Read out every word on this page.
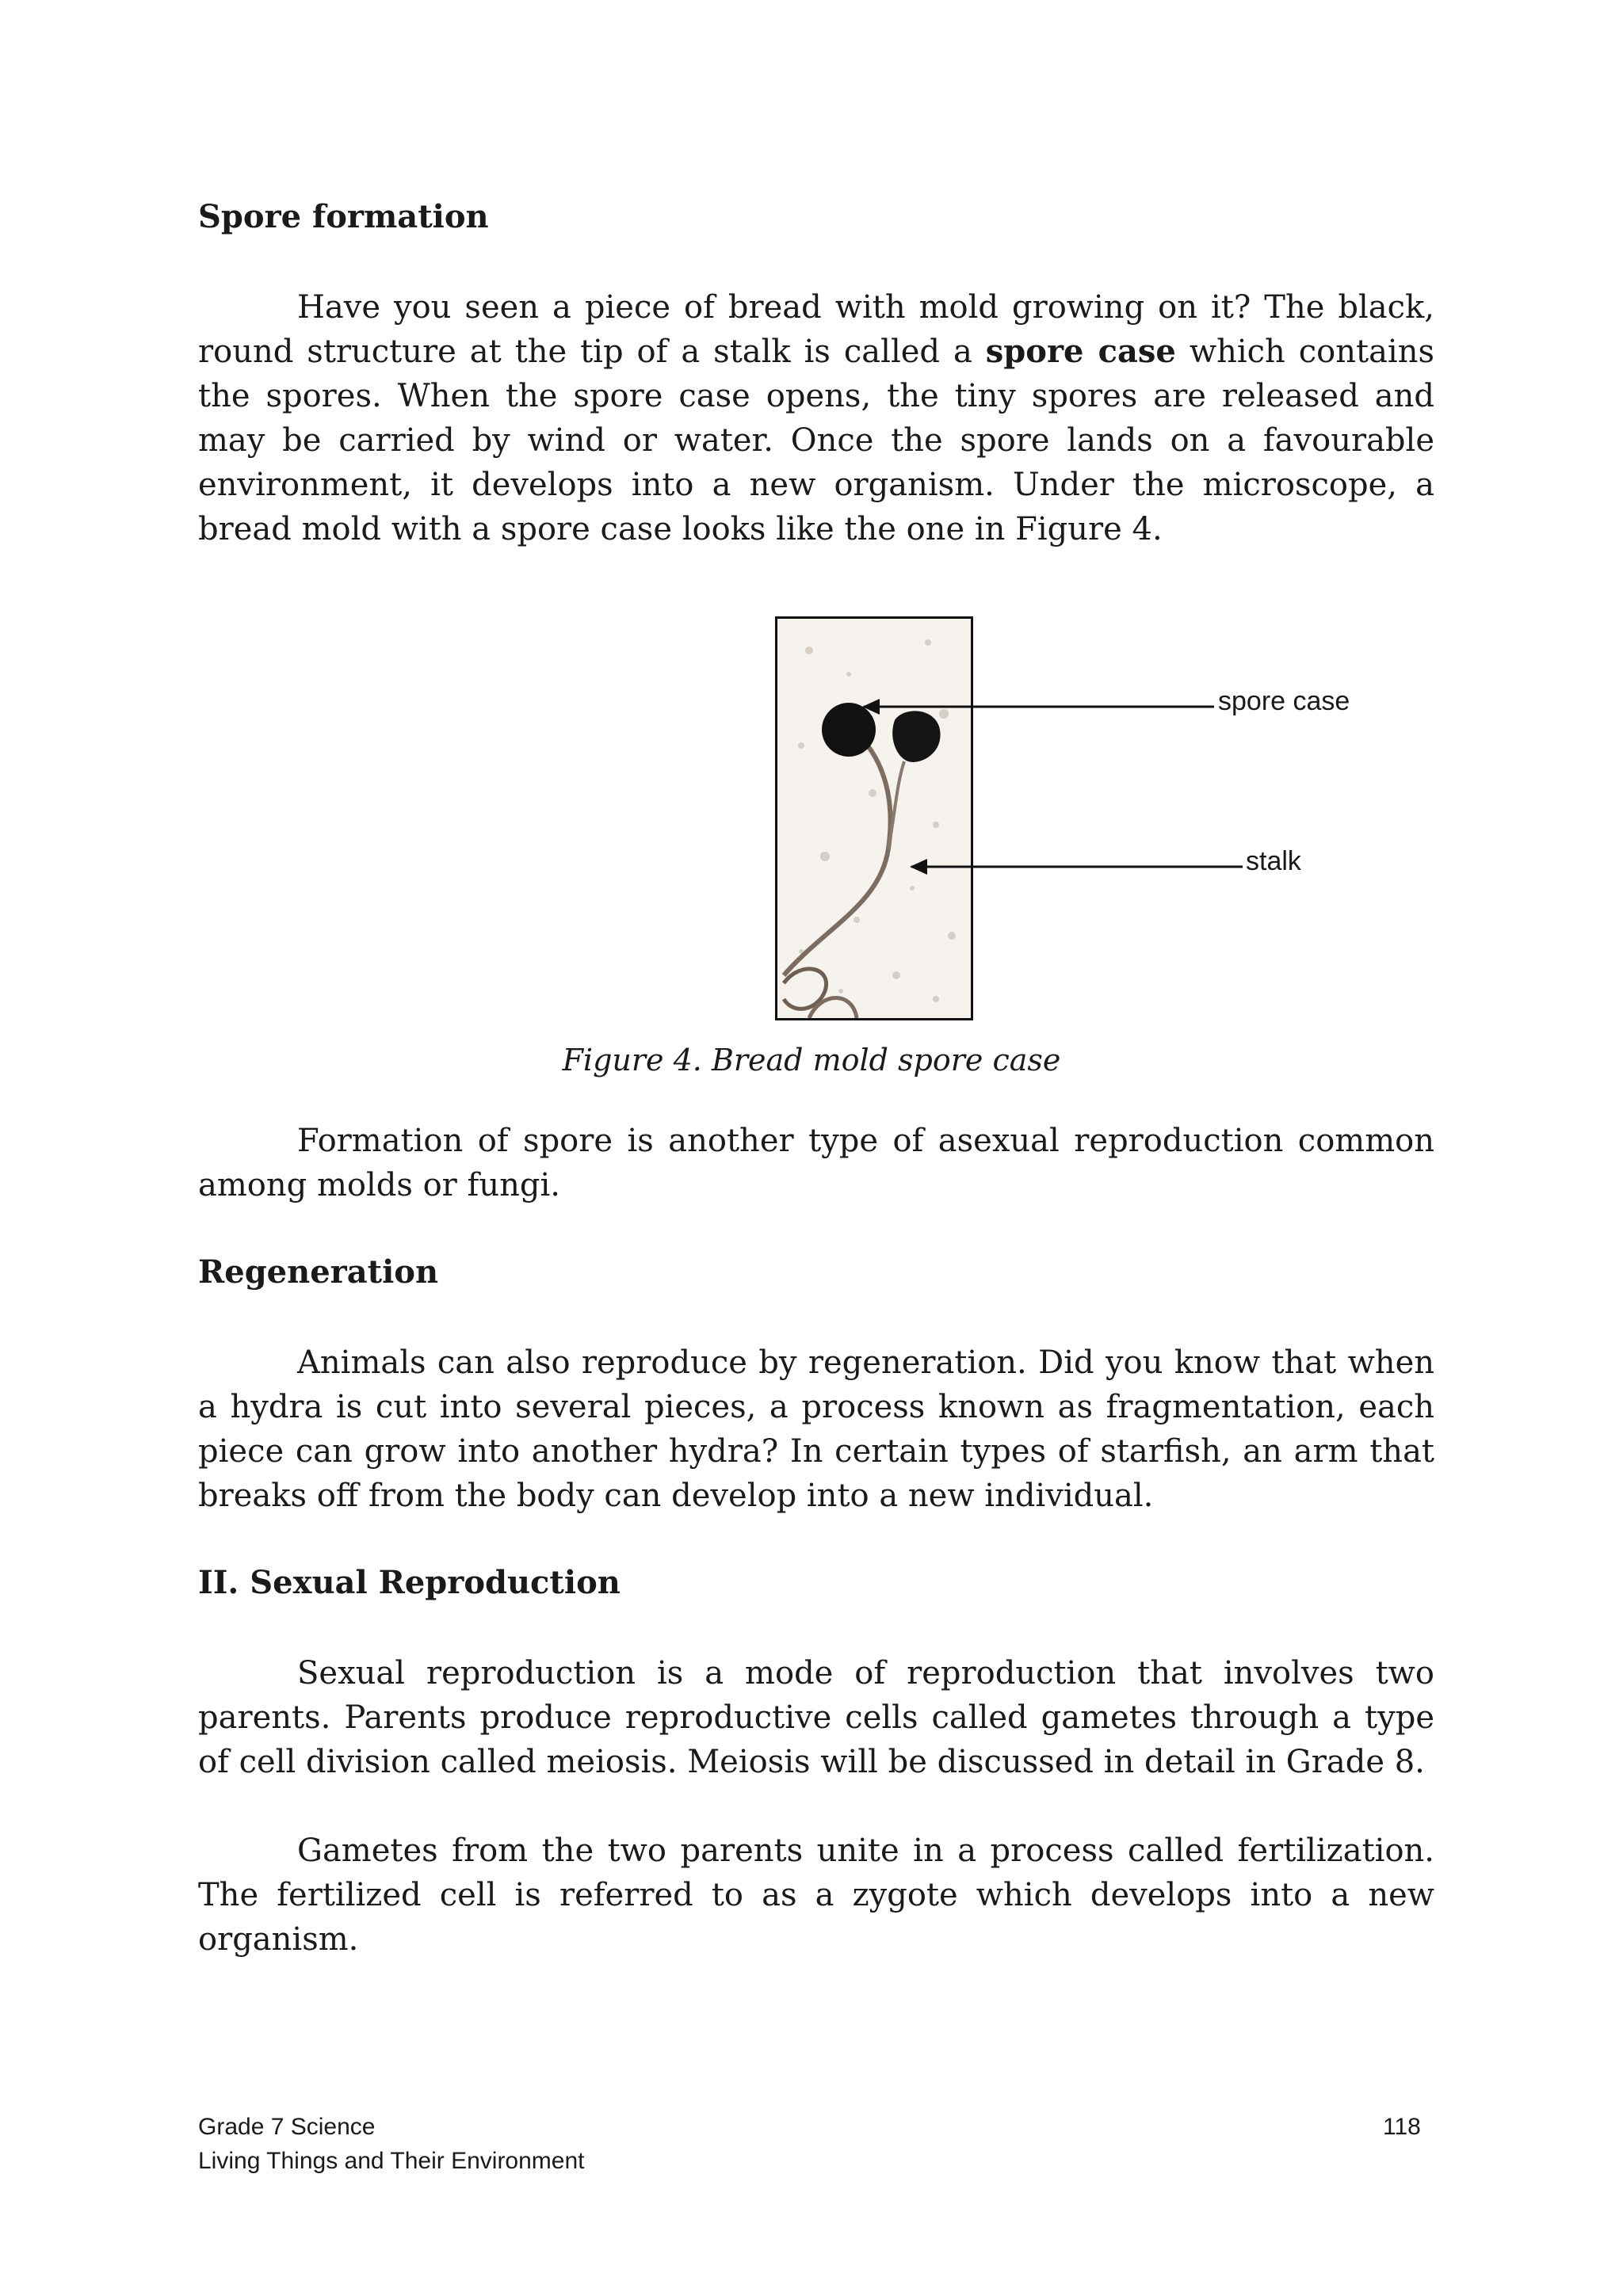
Spore formation

Have you seen a piece of bread with mold growing on it? The black, round structure at the tip of a stalk is called a spore case which contains the spores. When the spore case opens, the tiny spores are released and may be carried by wind or water. Once the spore lands on a favourable environment, it develops into a new organism. Under the microscope, a bread mold with a spore case looks like the one in Figure 4.

spore case
stalk

Figure 4. Bread mold spore case

Formation of spore is another type of asexual reproduction common among molds or fungi.

Regeneration

Animals can also reproduce by regeneration. Did you know that when a hydra is cut into several pieces, a process known as fragmentation, each piece can grow into another hydra? In certain types of starfish, an arm that breaks off from the body can develop into a new individual.

II. Sexual Reproduction

Sexual reproduction is a mode of reproduction that involves two parents. Parents produce reproductive cells called gametes through a type of cell division called meiosis. Meiosis will be discussed in detail in Grade 8.

Gametes from the two parents unite in a process called fertilization. The fertilized cell is referred to as a zygote which develops into a new organism.

Grade 7 Science
Living Things and Their Environment
118
